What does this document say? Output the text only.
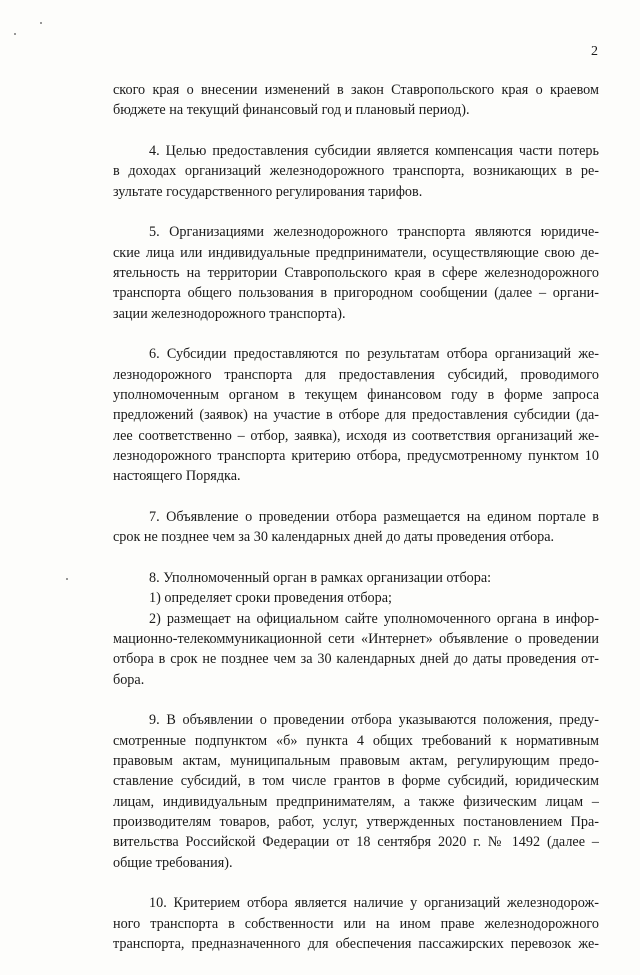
2
ского края о внесении изменений в закон Ставропольского края о краевом
бюджете на текущий финансовый год и плановый период).
4. Целью предоставления субсидии является компенсация части потерь
в доходах организаций железнодорожного транспорта, возникающих в ре-
зультате государственного регулирования тарифов.
5. Организациями железнодорожного транспорта являются юридиче-
ские лица или индивидуальные предприниматели, осуществляющие свою де-
ятельность на территории Ставропольского края в сфере железнодорожного
транспорта общего пользования в пригородном сообщении (далее – органи-
зации железнодорожного транспорта).
6. Субсидии предоставляются по результатам отбора организаций же-
лезнодорожного транспорта для предоставления субсидий, проводимого
уполномоченным органом в текущем финансовом году в форме запроса
предложений (заявок) на участие в отборе для предоставления субсидии (да-
лее соответственно – отбор, заявка), исходя из соответствия организаций же-
лезнодорожного транспорта критерию отбора, предусмотренному пунктом 10
настоящего Порядка.
7. Объявление о проведении отбора размещается на едином портале в
срок не позднее чем за 30 календарных дней до даты проведения отбора.
8. Уполномоченный орган в рамках организации отбора:
1) определяет сроки проведения отбора;
2) размещает на официальном сайте уполномоченного органа в инфор-
мационно-телекоммуникационной сети «Интернет» объявление о проведении
отбора в срок не позднее чем за 30 календарных дней до даты проведения от-
бора.
9. В объявлении о проведении отбора указываются положения, преду-
смотренные подпунктом «б» пункта 4 общих требований к нормативным
правовым актам, муниципальным правовым актам, регулирующим предо-
ставление субсидий, в том числе грантов в форме субсидий, юридическим
лицам, индивидуальным предпринимателям, а также физическим лицам –
производителям товаров, работ, услуг, утвержденных постановлением Пра-
вительства Российской Федерации от 18 сентября 2020 г. № 1492 (далее –
общие требования).
10. Критерием отбора является наличие у организаций железнодорож-
ного транспорта в собственности или на ином праве железнодорожного
транспорта, предназначенного для обеспечения пассажирских перевозок же-
